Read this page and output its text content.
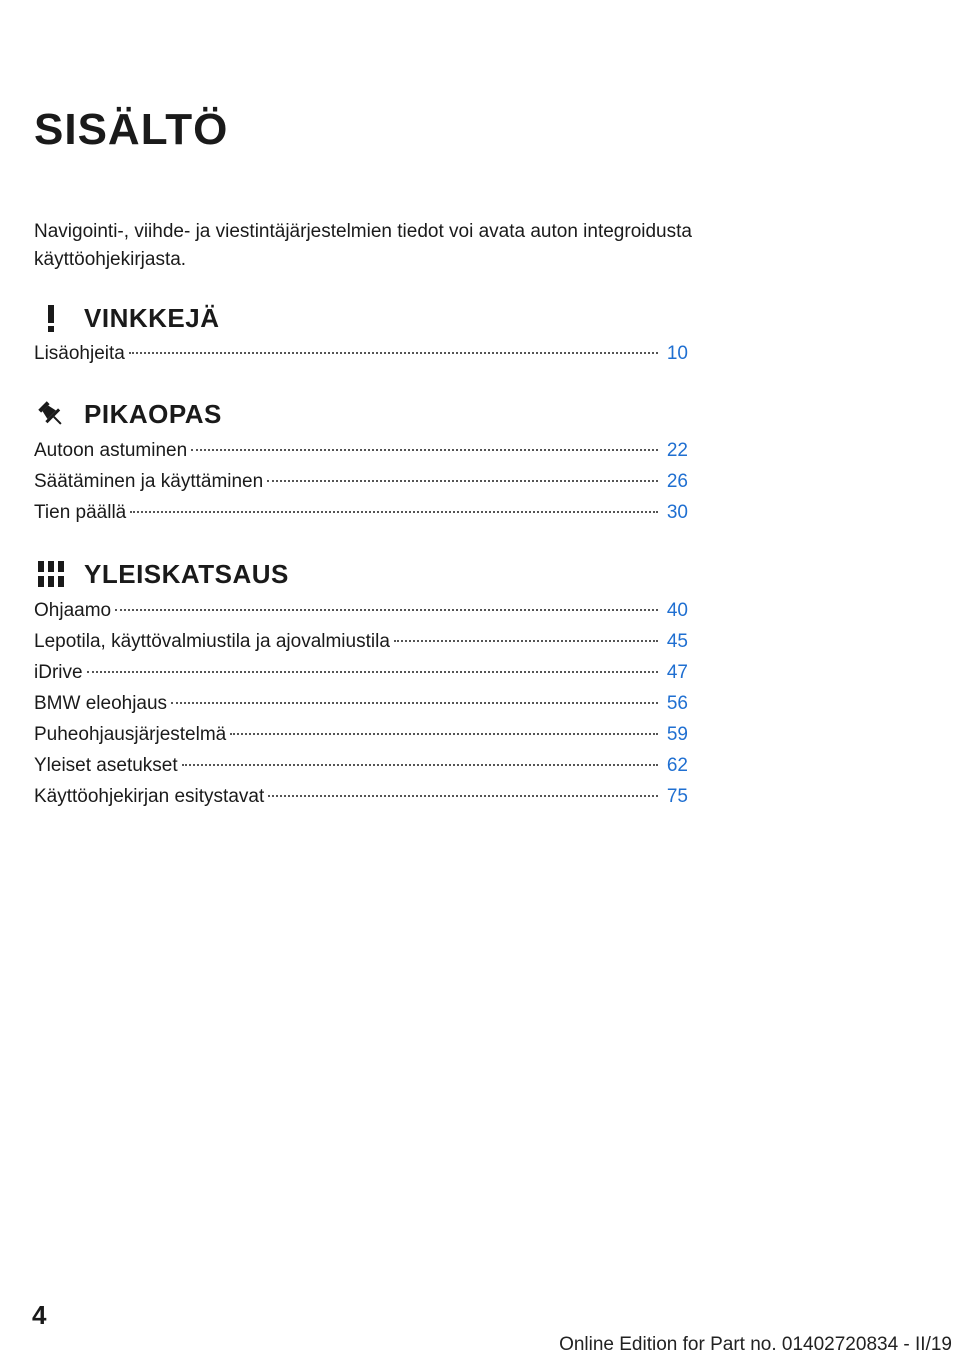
SISÄLTÖ

Navigointi-, viihde- ja viestintäjärjestelmien tiedot voi avata auton integroidusta käyttöohjekirjasta.

VINKKEJÄ
Lisäohjeita	10
PIKAOPAS
Autoon astuminen	22
Säätäminen ja käyttäminen	26
Tien päällä	30
YLEISKATSAUS
Ohjaamo	40
Lepotila, käyttövalmiustila ja ajovalmiustila	45
iDrive	47
BMW eleohjaus	56
Puheohjausjärjestelmä	59
Yleiset asetukset	62
Käyttöohjekirjan esitystavat	75
4
Online Edition for Part no. 01402720834 - II/19
